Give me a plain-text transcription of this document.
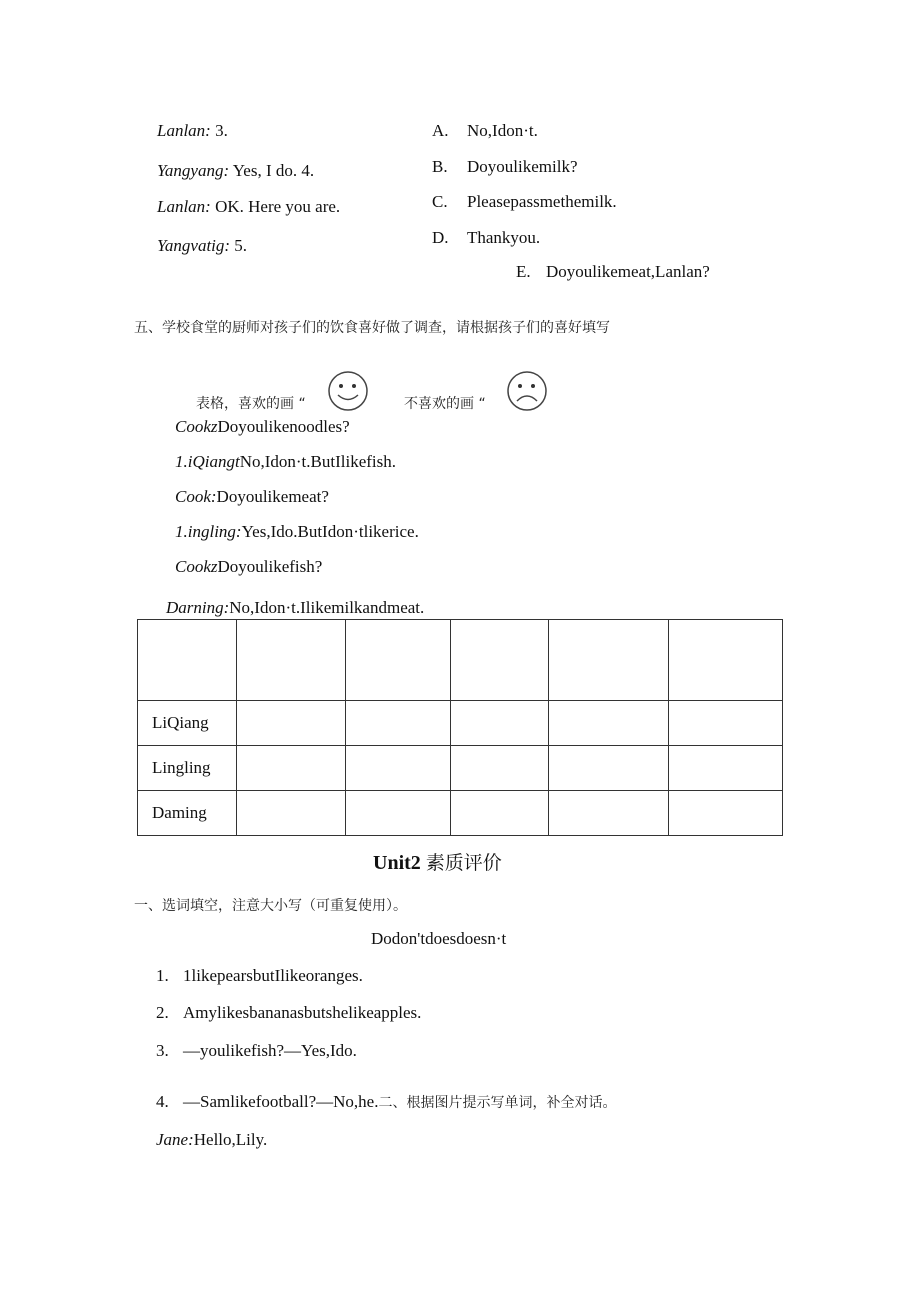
Lanlan: 3.
Yangyang: Yes, I do. 4.
Lanlan: OK. Here you are.
Yangvatig: 5.
A. No,Idon·t.
B. Doyoulikemilk?
C. Pleasepassmethemilk.
D. Thankyou.
E. Doyoulikemeat,Lanlan?
五、学校食堂的厨师对孩子们的饮食喜好做了调查，请根据孩子们的喜好填写
表格，喜欢的画 “	不喜欢的画 “
CookzDoyoulikenoodles?
1.iQiangtNo,Idon·t.ButIlikefish.
Cook:Doyoulikemeat?
1.ingling:Yes,Ido.ButIdon·tlikerice.
CookzDoyoulikefish?
Darning:No,Idon·t.Ilikemilkandmeat.

LiQiang					
Lingling					
Daming					
Unit2 素质评价
一、选词填空，注意大小写（可重复使用）。
Dodon'tdoesdoesn·t
1. 1likepearsbutIlikeoranges.
2. Amylikesbananasbutshelikeapples.
3. —youlikefish?—Yes,Ido.
4. —Samlikefootball?—No,he.二、根据图片提示写单词，补全对话。
Jane:Hello,Lily.
